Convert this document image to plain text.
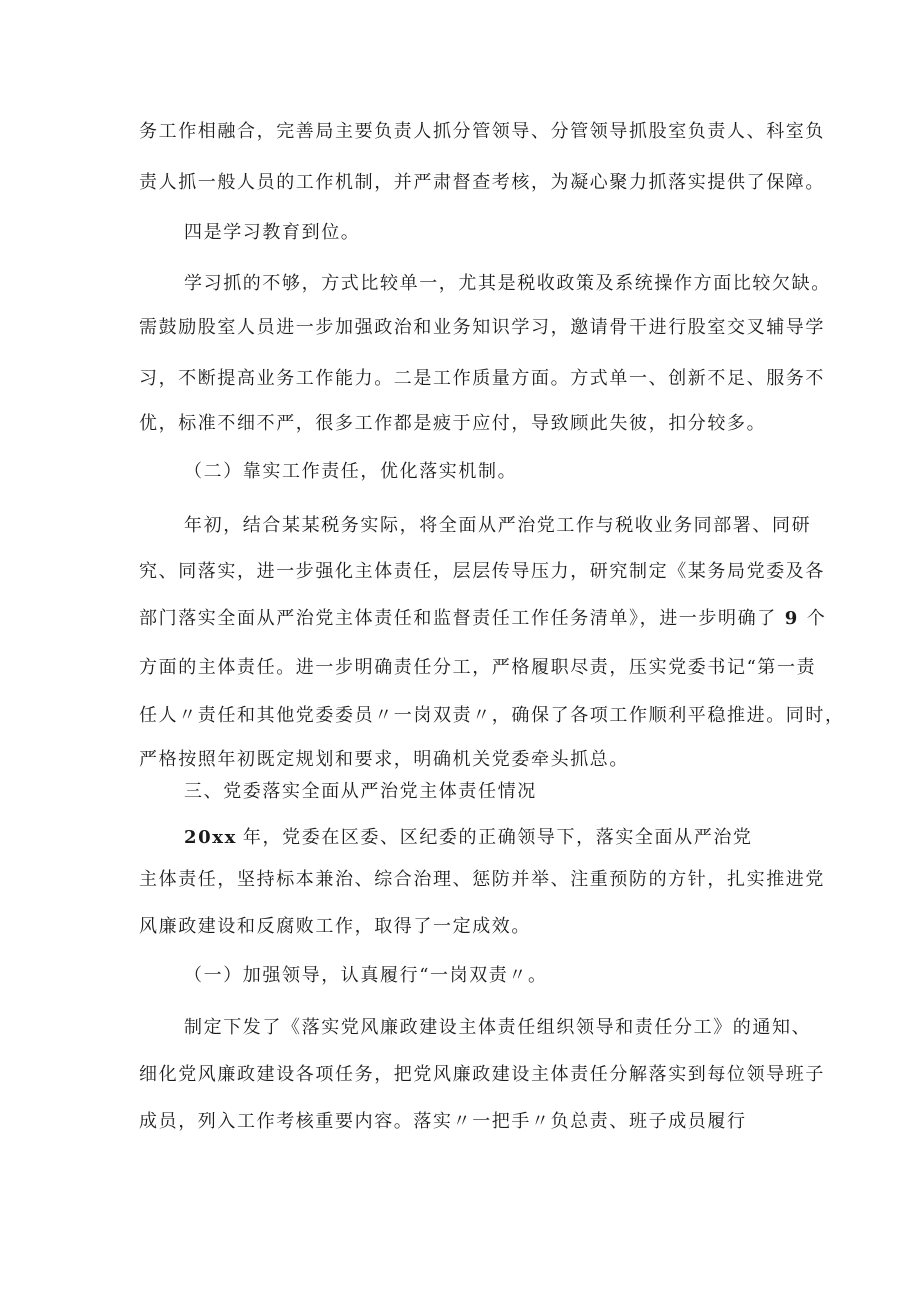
务工作相融合，完善局主要负责人抓分管领导、分管领导抓股室负责人、科室负
责人抓一般人员的工作机制，并严肃督查考核，为凝心聚力抓落实提供了保障。
四是学习教育到位。
学习抓的不够，方式比较单一，尤其是税收政策及系统操作方面比较欠缺。
需鼓励股室人员进一步加强政治和业务知识学习，邀请骨干进行股室交叉辅导学
习，不断提高业务工作能力。二是工作质量方面。方式单一、创新不足、服务不
优，标准不细不严，很多工作都是疲于应付，导致顾此失彼，扣分较多。
（二）靠实工作责任，优化落实机制。
年初，结合某某税务实际，将全面从严治党工作与税收业务同部署、同研
究、同落实，进一步强化主体责任，层层传导压力，研究制定《某务局党委及各
部门落实全面从严治党主体责任和监督责任工作任务清单》，进一步明确了 9 个
方面的主体责任。进一步明确责任分工，严格履职尽责，压实党委书记“第一责
任人〃责任和其他党委委员〃一岗双责〃，确保了各项工作顺利平稳推进。同时，
严格按照年初既定规划和要求，明确机关党委牵头抓总。
三、党委落实全面从严治党主体责任情况
20xx 年，党委在区委、区纪委的正确领导下，落实全面从严治党
主体责任，坚持标本兼治、综合治理、惩防并举、注重预防的方针，扎实推进党
风廉政建设和反腐败工作，取得了一定成效。
（一）加强领导，认真履行“一岗双责〃。
制定下发了《落实党风廉政建设主体责任组织领导和责任分工》的通知、
细化党风廉政建设各项任务，把党风廉政建设主体责任分解落实到每位领导班子
成员，列入工作考核重要内容。落实〃一把手〃负总责、班子成员履行
